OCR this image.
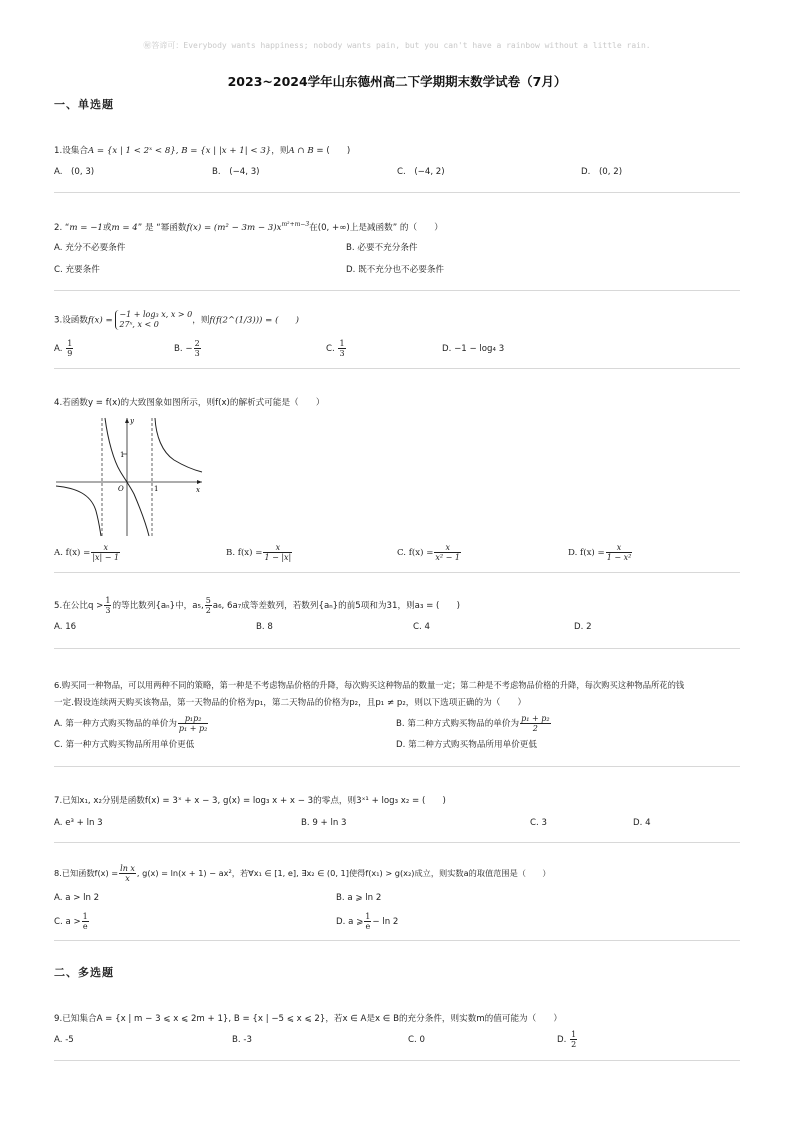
㊙答谛可：Everybody wants happiness; nobody wants pain, but you can't have a rainbow without a little rain.
2023~2024学年山东德州高二下学期期末数学试卷（7月）
一、单选题
1.设集合A = {x | 1 < 2ˣ < 8}, B = {x | |x + 1| < 3}，则A ∩ B = (　　)
A.　(0, 3)	B.　(−4, 3)	C.　(−4, 2)	D.　(0, 2)
2. “m = −1或m = 4” 是 “幂函数$f(x) = (m^2 - 3m - 3)x^{m^2+m-3}$在(0, +∞)上是减函数” 的（　　）
A. 充分不必要条件	B. 必要不充分条件
C. 充要条件	D. 既不充分也不必要条件
3.设函数f(x) =
−1 + log₃ x, x > 0
27ˣ, x < 0	，则f(f(2^(1/3))) = (　　)
A. $\frac{1}{9}$	B. − $\frac{2}{3}$	C. $\frac{1}{3}$	D. −1 − log₄ 3
4.若函数y = f(x)的大致图象如图所示，则f(x)的解析式可能是（　　）
y
x
O	1
1
A. $f(x) = \frac{x}{|x| - 1}$	B. $f(x) = \frac{x}{1 - |x|}$	C. $f(x) = \frac{x}{\text{x² − 1}}$	D. $f(x) = \frac{x}{\text{1 − x²}}$
5.在公比$q > \frac{1}{3}$ 的等比数列{aₙ}中，a₅, $\frac{5}{2} a_6$, 6a₇成等差数列，若数列{aₙ}的前5项和为31，则a₃ = (　　)
A. 16	B. 8	C. 4	D. 2
6.购买同一种物品，可以用两种不同的策略，第一种是不考虑物品价格的升降，每次购买这种物品的数量一定；第二种是不考虑物品价格的升降，每次购买这种物品所花的钱
一定.假设连续两天购买该物品，第一天物品的价格为p₁，第二天物品的价格为p₂，且p₁ ≠ p₂，则以下选项正确的为（　　）
A. 第一种方式购买物品的单价为 $\frac{\text{p₁p₂}}{\text{p₁ + p₂}}$	B. 第二种方式购买物品的单价为 $\frac{\text{p₁ + p₂}}{2}$
C. 第一种方式购买物品所用单价更低	D. 第二种方式购买物品所用单价更低
7.已知x₁, x₂分别是函数f(x) = 3ˣ + x − 3, g(x) = log₃ x + x − 3的零点，则3ˣ¹ + log₃ x₂ = (　　)
A. e³ + ln 3	B. 9 + ln 3	C. 3	D. 4
8.已知函数$f(x) = \frac{\text{ln x}}{x}$ , g(x) = ln(x + 1) − ax²，若∀x₁ ∈ [1, e], ∃x₂ ∈ (0, 1]使得f(x₁) > g(x₂)成立，则实数a的取值范围是（　　）
A. a > ln 2	B. a ⩾ ln 2
C. $a > \frac{1}{e}$	D. a ⩾ $\frac{1}{e} - \ln 2$
二、多选题
9.已知集合A = {x | m − 3 ⩽ x ⩽ 2m + 1}, B = {x | −5 ⩽ x ⩽ 2}，若x ∈ A是x ∈ B的充分条件，则实数m的值可能为（　　）
A. -5	B. -3	C. 0	D. $\frac{1}{2}$
